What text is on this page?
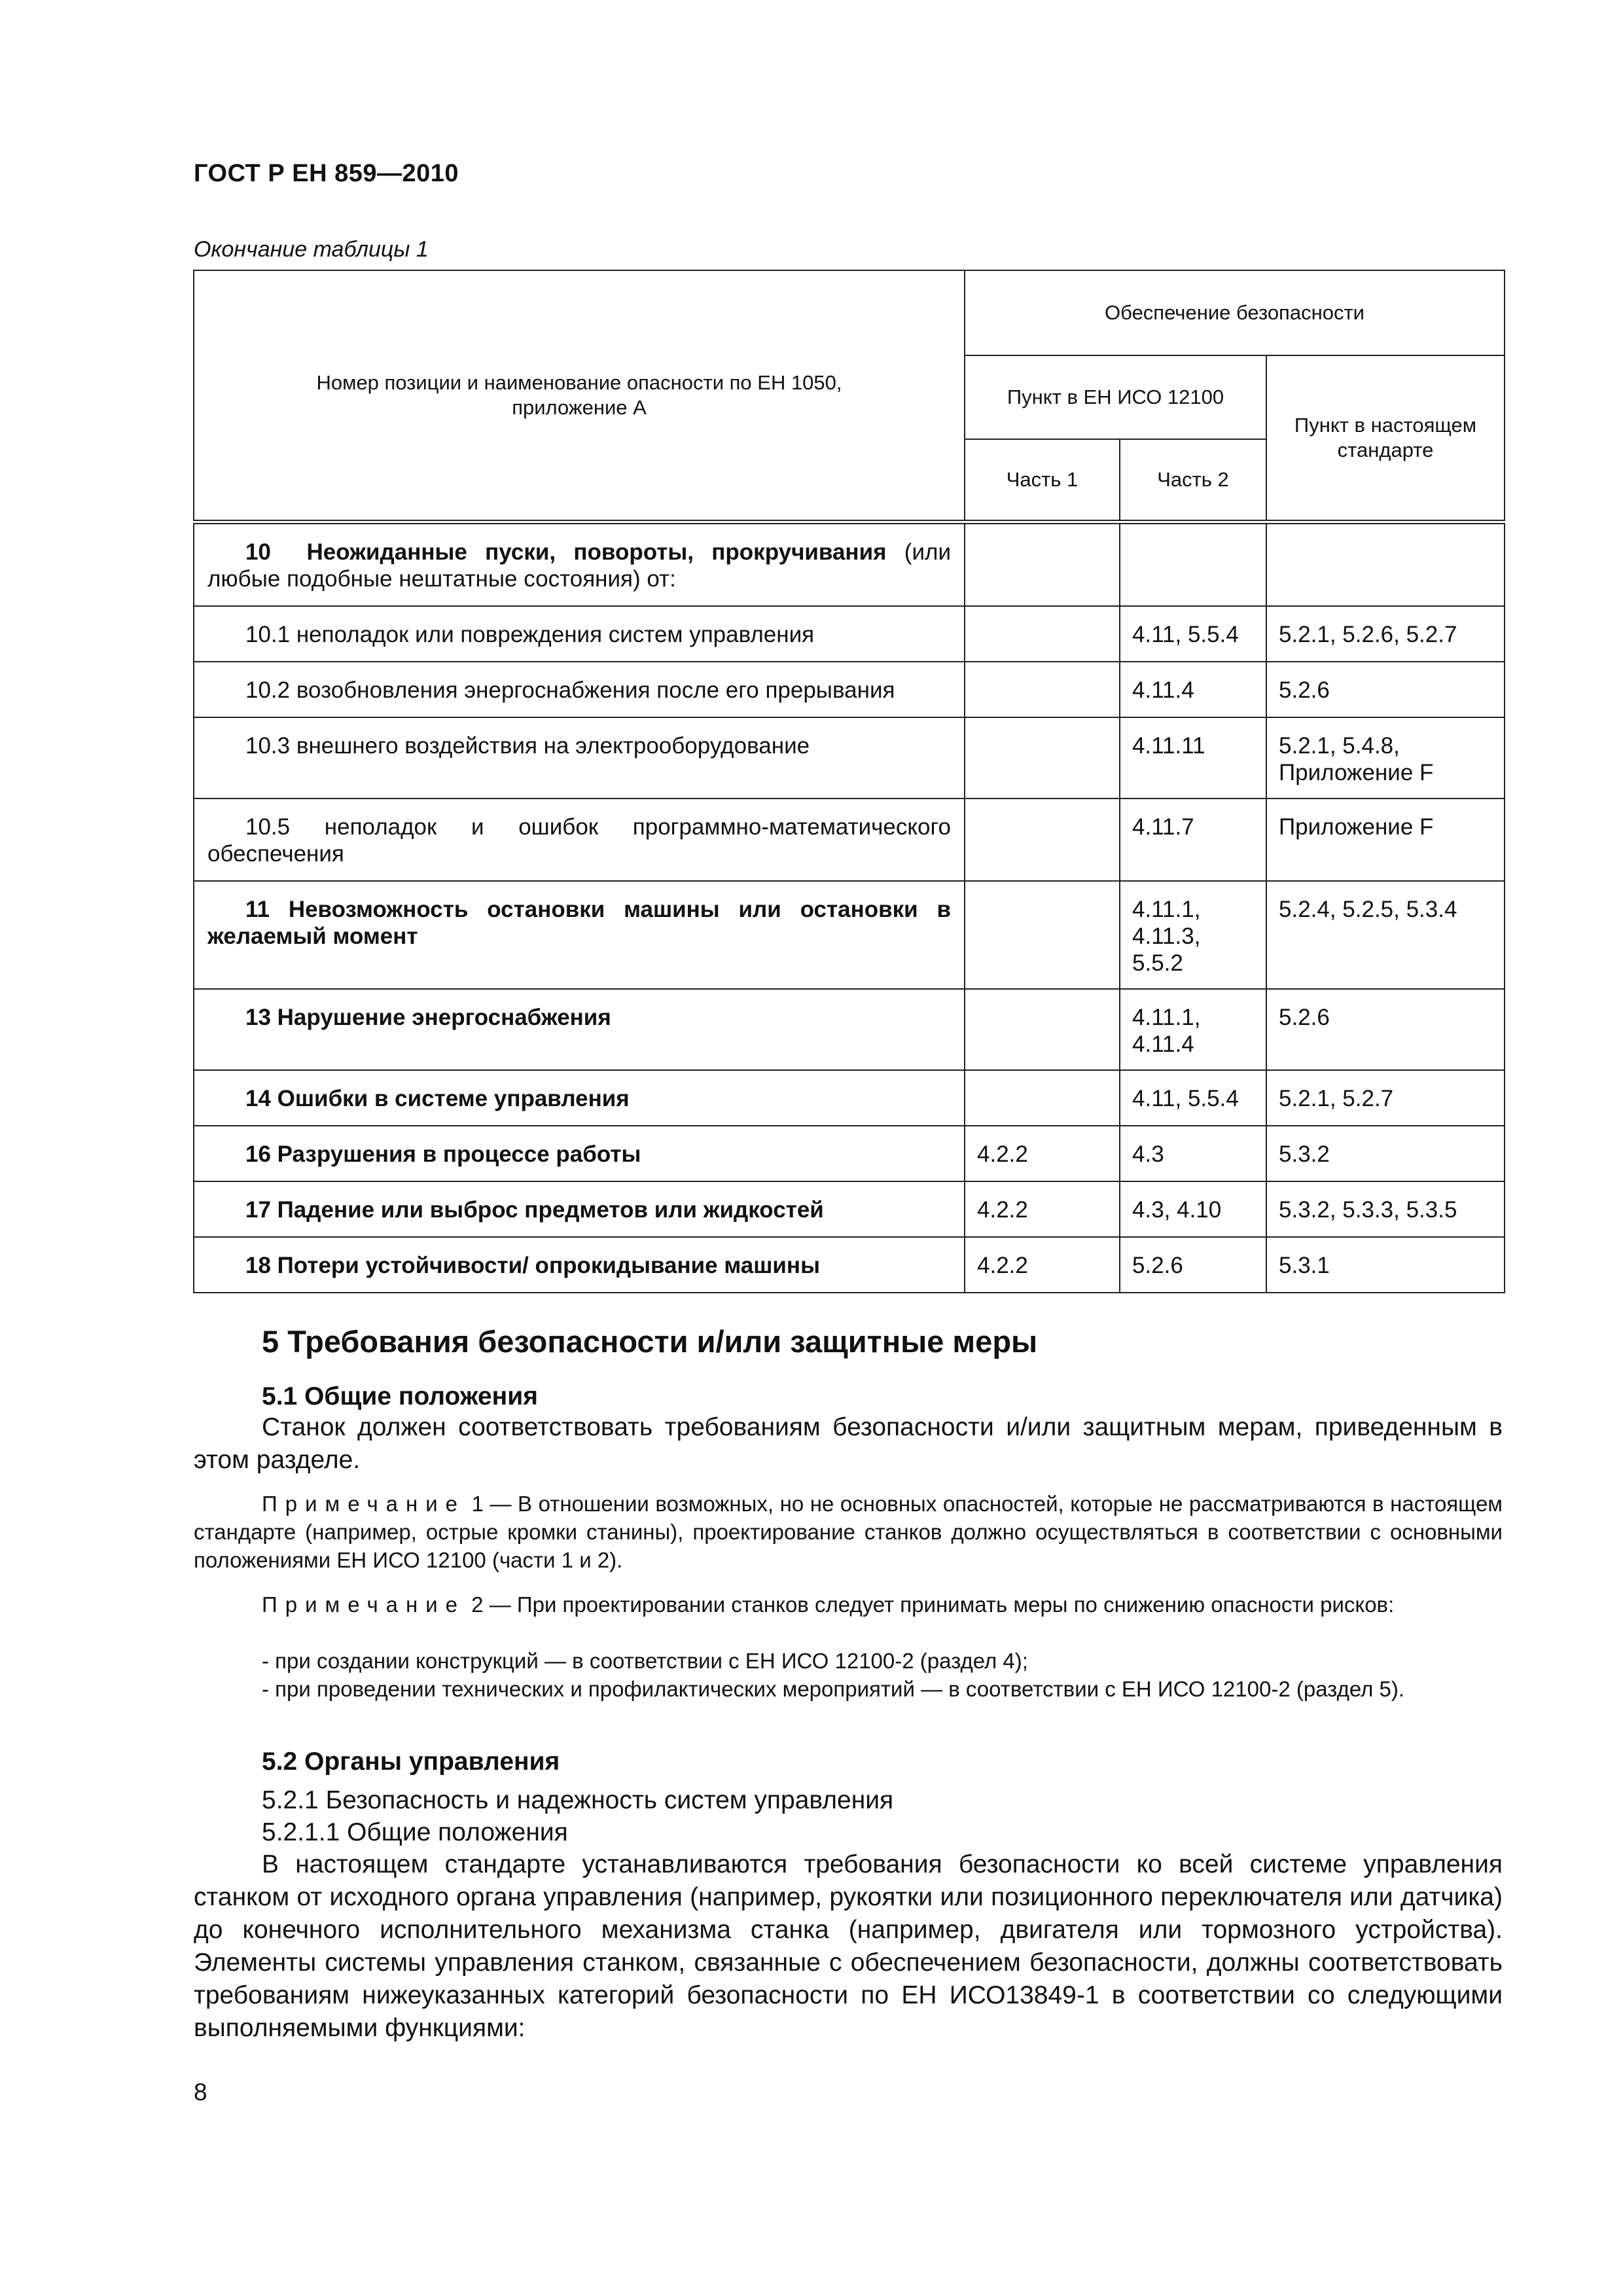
ГОСТ Р ЕН 859—2010
Окончание таблицы 1
Номер позиции и наименование опасности по ЕН 1050, приложение А	Обеспечение безопасности		
	Пункт в ЕН ИСО 12100		Пункт в настоящем стандарте
	Часть 1	Часть 2	
10 Неожиданные пуски, повороты, прокручивания (или любые подобные нештатные состояния) от:			

10.1 неполадок или повреждения систем управления		4.11, 5.5.4	5.2.1, 5.2.6, 5.2.7

10.2 возобновления энергоснабжения после его прерывания		4.11.4	5.2.6

10.3 внешнего воздействия на электрооборудование		4.11.11	5.2.1, 5.4.8, Приложение F

10.5 неполадок и ошибок программно-математического обеспечения		4.11.7	Приложение F

11 Невозможность остановки машины или остановки в желаемый момент		4.11.1, 4.11.3, 5.5.2	5.2.4, 5.2.5, 5.3.4

13 Нарушение энергоснабжения		4.11.1, 4.11.4	5.2.6

14 Ошибки в системе управления		4.11, 5.5.4	5.2.1, 5.2.7

16 Разрушения в процессе работы	4.2.2	4.3	5.3.2

17 Падение или выброс предметов или жидкостей	4.2.2	4.3, 4.10	5.3.2, 5.3.3, 5.3.5

18 Потери устойчивости/ опрокидывание машины	4.2.2	5.2.6	5.3.1
5 Требования безопасности и/или защитные меры
5.1 Общие положения
Станок должен соответствовать требованиям безопасности и/или защитным мерам, приведенным в этом разделе.
Примечание 1 — В отношении возможных, но не основных опасностей, которые не рассматриваются в настоящем стандарте (например, острые кромки станины), проектирование станков должно осуществляться в соответствии с основными положениями ЕН ИСО 12100 (части 1 и 2).
Примечание 2 — При проектировании станков следует принимать меры по снижению опасности рисков:
- при создании конструкций — в соответствии с ЕН ИСО 12100-2 (раздел 4);
- при проведении технических и профилактических мероприятий — в соответствии с ЕН ИСО 12100-2 (раздел 5).
5.2 Органы управления
5.2.1 Безопасность и надежность систем управления
5.2.1.1 Общие положения
В настоящем стандарте устанавливаются требования безопасности ко всей системе управления станком от исходного органа управления (например, рукоятки или позиционного переключателя или датчика) до конечного исполнительного механизма станка (например, двигателя или тормозного устройства). Элементы системы управления станком, связанные с обеспечением безопасности, должны соответствовать требованиям нижеуказанных категорий безопасности по ЕН ИСО13849-1 в соответствии со следующими выполняемыми функциями:
8
